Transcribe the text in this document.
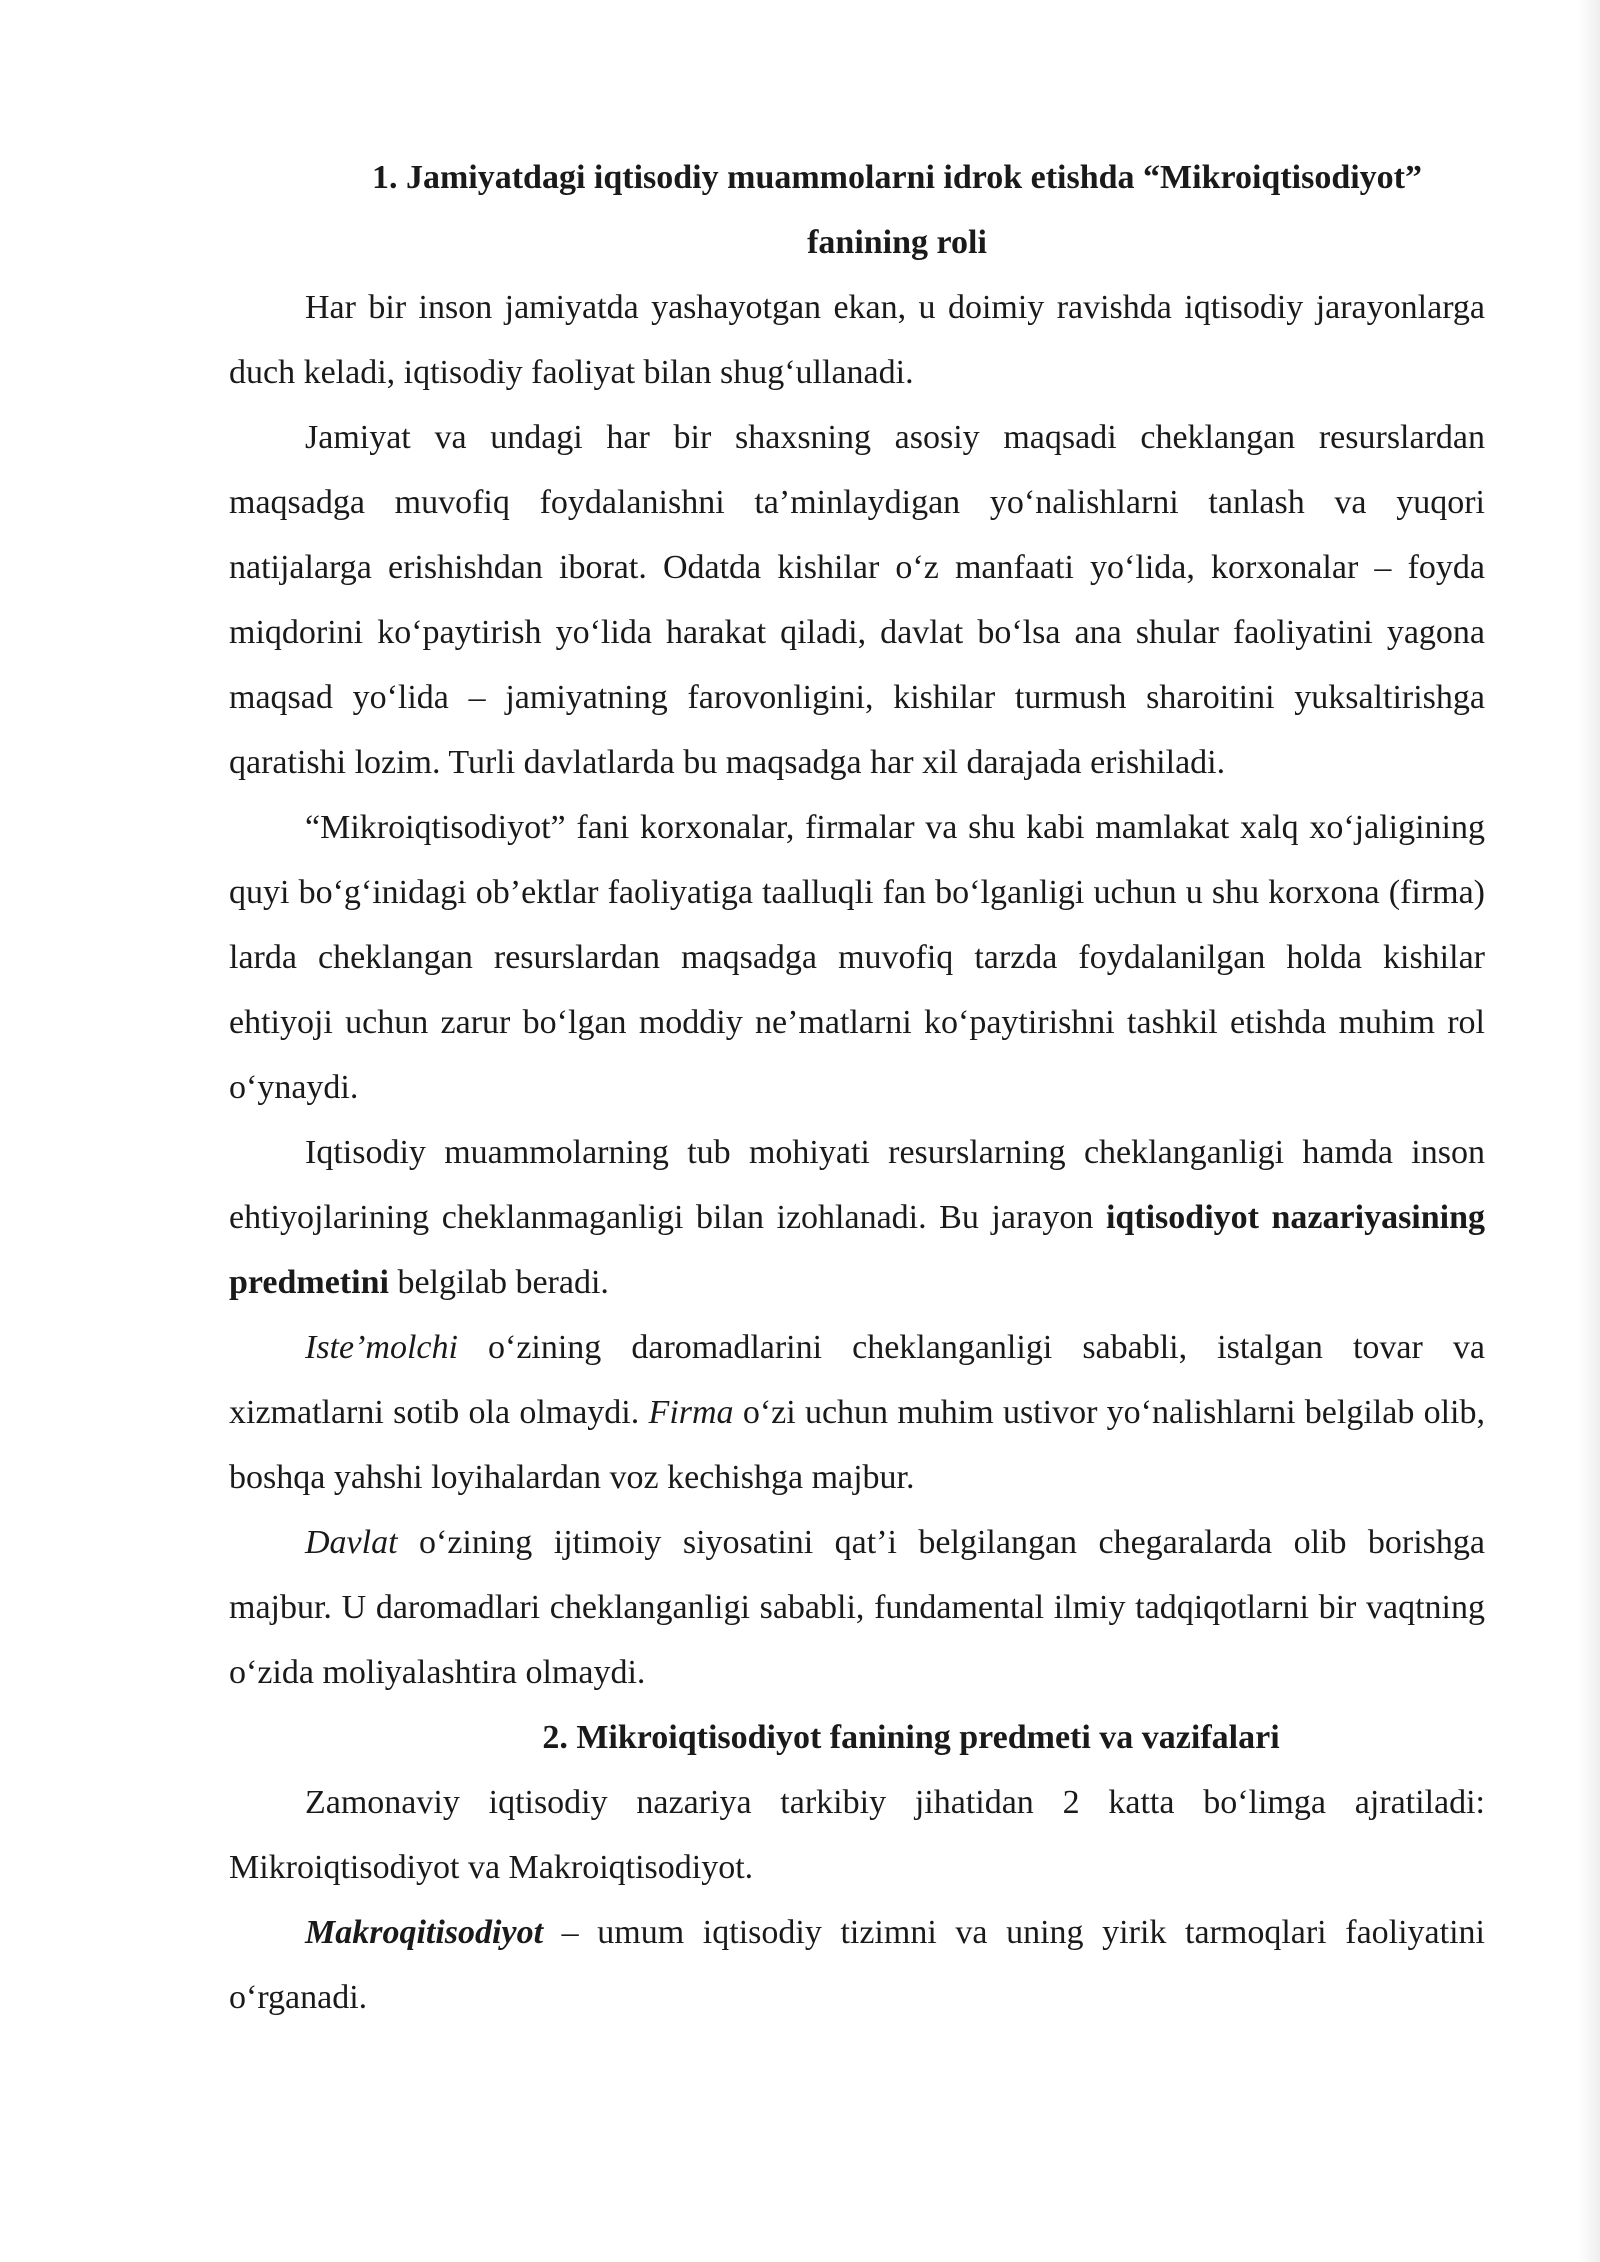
1. Jamiyatdagi iqtisodiy muammolarni idrok etishda “Mikroiqtisodiyot”
fanining roli

Har bir inson jamiyatda yashayotgan ekan, u doimiy ravishda iqtisodiy jarayonlarga duch keladi, iqtisodiy faoliyat bilan shug‘ullanadi.

Jamiyat va undagi har bir shaxsning asosiy maqsadi cheklangan resurslardan maqsadga muvofiq foydalanishni ta’minlaydigan yo‘nalishlarni tanlash va yuqori natijalarga erishishdan iborat. Odatda kishilar o‘z manfaati yo‘lida, korxonalar – foyda miqdorini ko‘paytirish yo‘lida harakat qiladi, davlat bo‘lsa ana shular faoliyatini yagona maqsad yo‘lida – jamiyatning farovonligini, kishilar turmush sharoitini yuksaltirishga qaratishi lozim. Turli davlatlarda bu maqsadga har xil darajada erishiladi.

“Mikroiqtisodiyot” fani korxonalar, firmalar va shu kabi mamlakat xalq xo‘jaligining quyi bo‘g‘inidagi ob’ektlar faoliyatiga taalluqli fan bo‘lganligi uchun u shu korxona (firma) larda cheklangan resurslardan maqsadga muvofiq tarzda foydalanilgan holda kishilar ehtiyoji uchun zarur bo‘lgan moddiy ne’matlarni ko‘paytirishni tashkil etishda muhim rol o‘ynaydi.

Iqtisodiy muammolarning tub mohiyati resurslarning cheklanganligi hamda inson ehtiyojlarining cheklanmaganligi bilan izohlanadi. Bu jarayon iqtisodiyot nazariyasining predmetini belgilab beradi.

Iste’molchi o‘zining daromadlarini cheklanganligi sababli, istalgan tovar va xizmatlarni sotib ola olmaydi. Firma o‘zi uchun muhim ustivor yo‘nalishlarni belgilab olib, boshqa yahshi loyihalardan voz kechishga majbur.

Davlat o‘zining ijtimoiy siyosatini qat’i belgilangan chegaralarda olib borishga majbur. U daromadlari cheklanganligi sababli, fundamental ilmiy tadqiqotlarni bir vaqtning o‘zida moliyalashtira olmaydi.

2. Mikroiqtisodiyot fanining predmeti va vazifalari

Zamonaviy iqtisodiy nazariya tarkibiy jihatidan 2 katta bo‘limga ajratiladi: Mikroiqtisodiyot va Makroiqtisodiyot.

Makroqitisodiyot – umum iqtisodiy tizimni va uning yirik tarmoqlari faoliyatini o‘rganadi.
